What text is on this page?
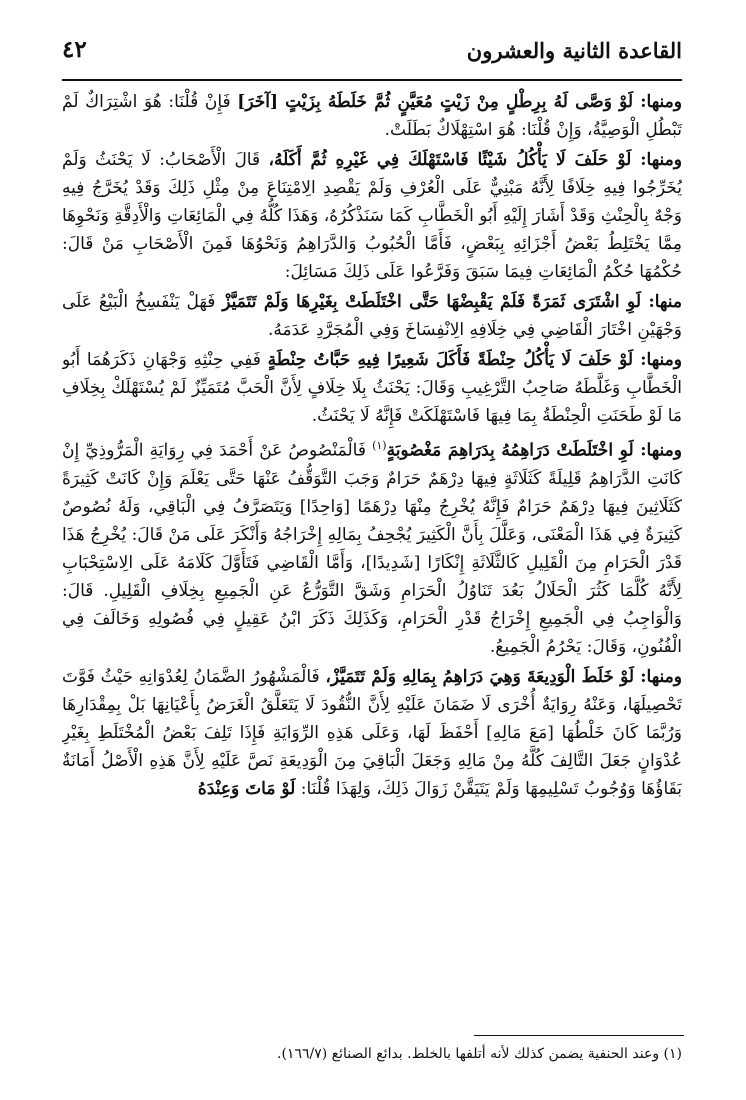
القاعدة الثانية والعشرون
٤٢

ومنها: لَوْ وَصَّى لَهُ بِرِطْلٍ مِنْ زَيْتٍ مُعَيَّنٍ ثُمَّ خَلَطَهُ بِزَيْتٍ [آخَرَ] فَإِنْ قُلْنَا: هُوَ اشْتِرَاكٌ لَمْ تَبْطُلِ الْوَصِيَّةُ، وَإِنْ قُلْنَا: هُوَ اسْتِهْلَاكٌ بَطَلَتْ.

ومنها: لَوْ حَلَفَ لَا يَأْكُلُ شَيْئًا فَاسْتَهْلَكَ فِي غَيْرِهِ ثُمَّ أَكَلَهُ، قَالَ الْأَصْحَابُ: لَا يَحْنَثُ وَلَمْ يُخَرِّجُوا فِيهِ خِلَافًا لِأَنَّهُ مَبْنِيٌّ عَلَى الْعُرْفِ وَلَمْ يَقْصِدِ الِامْتِنَاعَ مِنْ مِثْلِ ذَلِكَ وَقَدْ يُخَرَّجُ فِيهِ وَجْهٌ بِالْحِنْثِ وَقَدْ أَشَارَ إِلَيْهِ أَبُو الْخَطَّابِ كَمَا سَنَذْكُرُهُ، وَهَذَا كُلُّهُ فِي الْمَائِعَاتِ وَالْأَدِقَّةِ وَنَحْوِهَا مِمَّا يَخْتَلِطُ بَعْضُ أَجْزَائِهِ بِبَعْضٍ، فَأَمَّا الْحُبُوبُ وَالدَّرَاهِمُ وَنَحْوُهَا فَمِنَ الْأَصْحَابِ مَنْ قَالَ: حُكْمُهَا حُكْمُ الْمَائِعَاتِ فِيمَا سَبَقَ وَفَرَّعُوا عَلَى ذَلِكَ مَسَائِلَ:

منها: لَوِ اشْتَرَى ثَمَرَةً فَلَمْ يَقْبِضْهَا حَتَّى اخْتَلَطَتْ بِغَيْرِهَا وَلَمْ تَتَمَيَّزْ فَهَلْ يَنْفَسِخُ الْبَيْعُ عَلَى وَجْهَيْنِ اخْتَارَ الْقَاضِي فِي خِلَافِهِ الِانْفِسَاخَ وَفِي الْمُجَرَّدِ عَدَمَهُ.

ومنها: لَوْ حَلَفَ لَا يَأْكُلُ حِنْطَةً فَأَكَلَ شَعِيرًا فِيهِ حَبَّاتُ حِنْطَةٍ فَفِي حِنْثِهِ وَجْهَانِ ذَكَرَهُمَا أَبُو الْخَطَّابِ وَغَلَّطَهُ صَاحِبُ التَّرْغِيبِ وَقَالَ: يَحْنَثُ بِلَا خِلَافٍ لِأَنَّ الْحَبَّ مُتَمَيِّزٌ لَمْ يُسْتَهْلَكْ بِخِلَافِ مَا لَوْ طَحَنَتِ الْحِنْطَةُ بِمَا فِيهَا فَاسْتَهْلَكَتْ فَإِنَّهُ لَا يَحْنَثُ.

ومنها: لَوِ اخْتَلَطَتْ دَرَاهِمُهُ بِدَرَاهِمَ مَغْصُوبَةٍ$^{(١)}$ فَالْمَنْصُوصُ عَنْ أَحْمَدَ فِي رِوَايَةِ الْمَرُّوذِيِّ إِنْ كَانَتِ الدَّرَاهِمُ قَلِيلَةً كَثَلَاثَةٍ فِيهَا دِرْهَمٌ حَرَامٌ وَجَبَ التَّوَقُّفُ عَنْهَا حَتَّى يَعْلَمَ وَإِنْ كَانَتْ كَثِيرَةً كَثَلَاثِينَ فِيهَا دِرْهَمٌ حَرَامٌ فَإِنَّهُ يُخْرِجُ مِنْهَا دِرْهَمًا [وَاحِدًا] وَيَتَصَرَّفُ فِي الْبَاقِي، وَلَهُ نُصُوصٌ كَثِيرَةٌ فِي هَذَا الْمَعْنَى، وَعَلَّلَ بِأَنَّ الْكَثِيرَ يُجْحِفُ بِمَالِهِ إِخْرَاجُهُ وَأَنْكَرَ عَلَى مَنْ قَالَ: يُخْرِجُ هَذَا قَدْرَ الْحَرَامِ مِنَ الْقَلِيلِ كَالثَّلَاثَةِ إِنْكَارًا [شَدِيدًا]، وَأَمَّا الْقَاضِي فَتَأَوَّلَ كَلَامَهُ عَلَى الِاسْتِحْبَابِ لِأَنَّهُ كُلَّمَا كَثُرَ الْحَلَالُ بَعُدَ تَنَاوُلُ الْحَرَامِ وَشَقَّ التَّوَرُّعُ عَنِ الْجَمِيعِ بِخِلَافِ الْقَلِيلِ. قَالَ: وَالْوَاجِبُ فِي الْجَمِيعِ إِخْرَاجُ قَدْرِ الْحَرَامِ، وَكَذَلِكَ ذَكَرَ ابْنُ عَقِيلٍ فِي فُصُولِهِ وَخَالَفَ فِي الْفُنُونِ، وَقَالَ: يَحْرُمُ الْجَمِيعُ.

ومنها: لَوْ خَلَطَ الْوَدِيعَةَ وَهِيَ دَرَاهِمُ بِمَالِهِ وَلَمْ تَتَمَيَّزْ، فَالْمَشْهُورُ الضَّمَانُ لِعُدْوَانِهِ حَيْثُ فَوَّتَ تَحْصِيلَهَا، وَعَنْهُ رِوَايَةٌ أُخْرَى لَا ضَمَانَ عَلَيْهِ لِأَنَّ النُّقُودَ لَا يَتَعَلَّقُ الْغَرَضُ بِأَعْيَانِهَا بَلْ بِمِقْدَارِهَا وَرُبَّمَا كَانَ خَلْطُهَا [مَعَ مَالِهِ] أَحْفَظَ لَهَا، وَعَلَى هَذِهِ الرِّوَايَةِ فَإِذَا تَلِفَ بَعْضُ الْمُخْتَلَطِ بِغَيْرِ عُدْوَانٍ جَعَلَ التَّالِفَ كُلَّهُ مِنْ مَالِهِ وَجَعَلَ الْبَاقِيَ مِنَ الْوَدِيعَةِ نَصَّ عَلَيْهِ لِأَنَّ هَذِهِ الْأَصْلُ أَمَانَةٌ بَقَاؤُهَا وَوُجُوبُ تَسْلِيمِهَا وَلَمْ يَتَيَقَّنْ زَوَالَ ذَلِكَ، وَلِهَذَا قُلْنَا: لَوْ مَاتَ وَعِنْدَهُ

(١) وعند الحنفية يضمن كذلك لأنه أتلفها بالخلط. بدائع الصنائع (١٦٦/٧).
